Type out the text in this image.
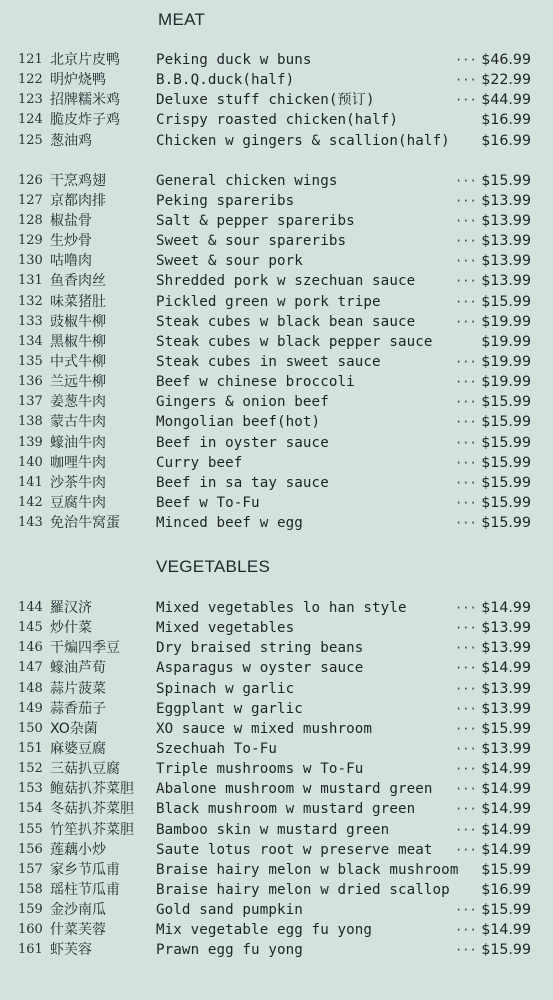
MEAT
121 北京片皮鸭	Peking duck w buns	··· $46.99
122 明炉烧鸭	B.B.Q.duck(half)	··· $22.99
123 招牌糯米鸡	Deluxe stuff chicken(预订)	··· $44.99
124 脆皮炸子鸡	Crispy roasted chicken(half)	$16.99
125 葱油鸡	Chicken w gingers & scallion(half) $16.99
126 干烹鸡翅	General chicken wings	··· $15.99
127 京都肉排	Peking spareribs	··· $13.99
128 椒盐骨	Salt & pepper spareribs	··· $13.99
129 生炒骨	Sweet & sour spareribs	··· $13.99
130 咕噜肉	Sweet & sour pork	··· $13.99
131 鱼香肉丝	Shredded pork w szechuan sauce	··· $13.99
132 味菜猪肚	Pickled green w pork tripe	··· $15.99
133 豉椒牛柳	Steak cubes w black bean sauce	··· $19.99
134 黑椒牛柳	Steak cubes w black pepper sauce	$19.99
135 中式牛柳	Steak cubes in sweet sauce	··· $19.99
136 兰远牛柳	Beef w chinese broccoli	··· $19.99
137 姜葱牛肉	Gingers & onion beef	··· $15.99
138 蒙古牛肉	Mongolian beef(hot)	··· $15.99
139 蠔油牛肉	Beef in oyster sauce	··· $15.99
140 咖哩牛肉	Curry beef	··· $15.99
141 沙茶牛肉	Beef in sa tay sauce	··· $15.99
142 豆腐牛肉	Beef w To-Fu	··· $15.99
143 免治牛窝蛋	Minced beef w egg	··· $15.99
VEGETABLES
144 羅汉济	Mixed vegetables lo han style	··· $14.99
145 炒什菜	Mixed vegetables	··· $13.99
146 干煸四季豆	Dry braised string beans	··· $13.99
147 蠔油芦荀	Asparagus w oyster sauce	··· $14.99
148 蒜片菠菜	Spinach w garlic	··· $13.99
149 蒜香茄子	Eggplant w garlic	··· $13.99
150 XO杂菌	XO sauce w mixed mushroom	··· $15.99
151 麻婆豆腐	Szechuah To-Fu	··· $13.99
152 三菇扒豆腐	Triple mushrooms w To-Fu	··· $14.99
153 鲍菇扒芥菜胆 Abalone mushroom w mustard green ··· $14.99
154 冬菇扒芥菜胆 Black mushroom w mustard green	··· $14.99
155 竹笙扒芥菜胆 Bamboo skin w mustard green	··· $14.99
156 莲藕小炒	Saute lotus root w preserve meat ··· $14.99
157 家乡节瓜甫	Braise hairy melon w black mushroom $15.99
158 瑶柱节瓜甫	Braise hairy melon w dried scallop $16.99
159 金沙南瓜	Gold sand pumpkin	··· $15.99
160 什菜芙蓉	Mix vegetable egg fu yong	··· $14.99
161 虾芙容	Prawn egg fu yong	··· $15.99
